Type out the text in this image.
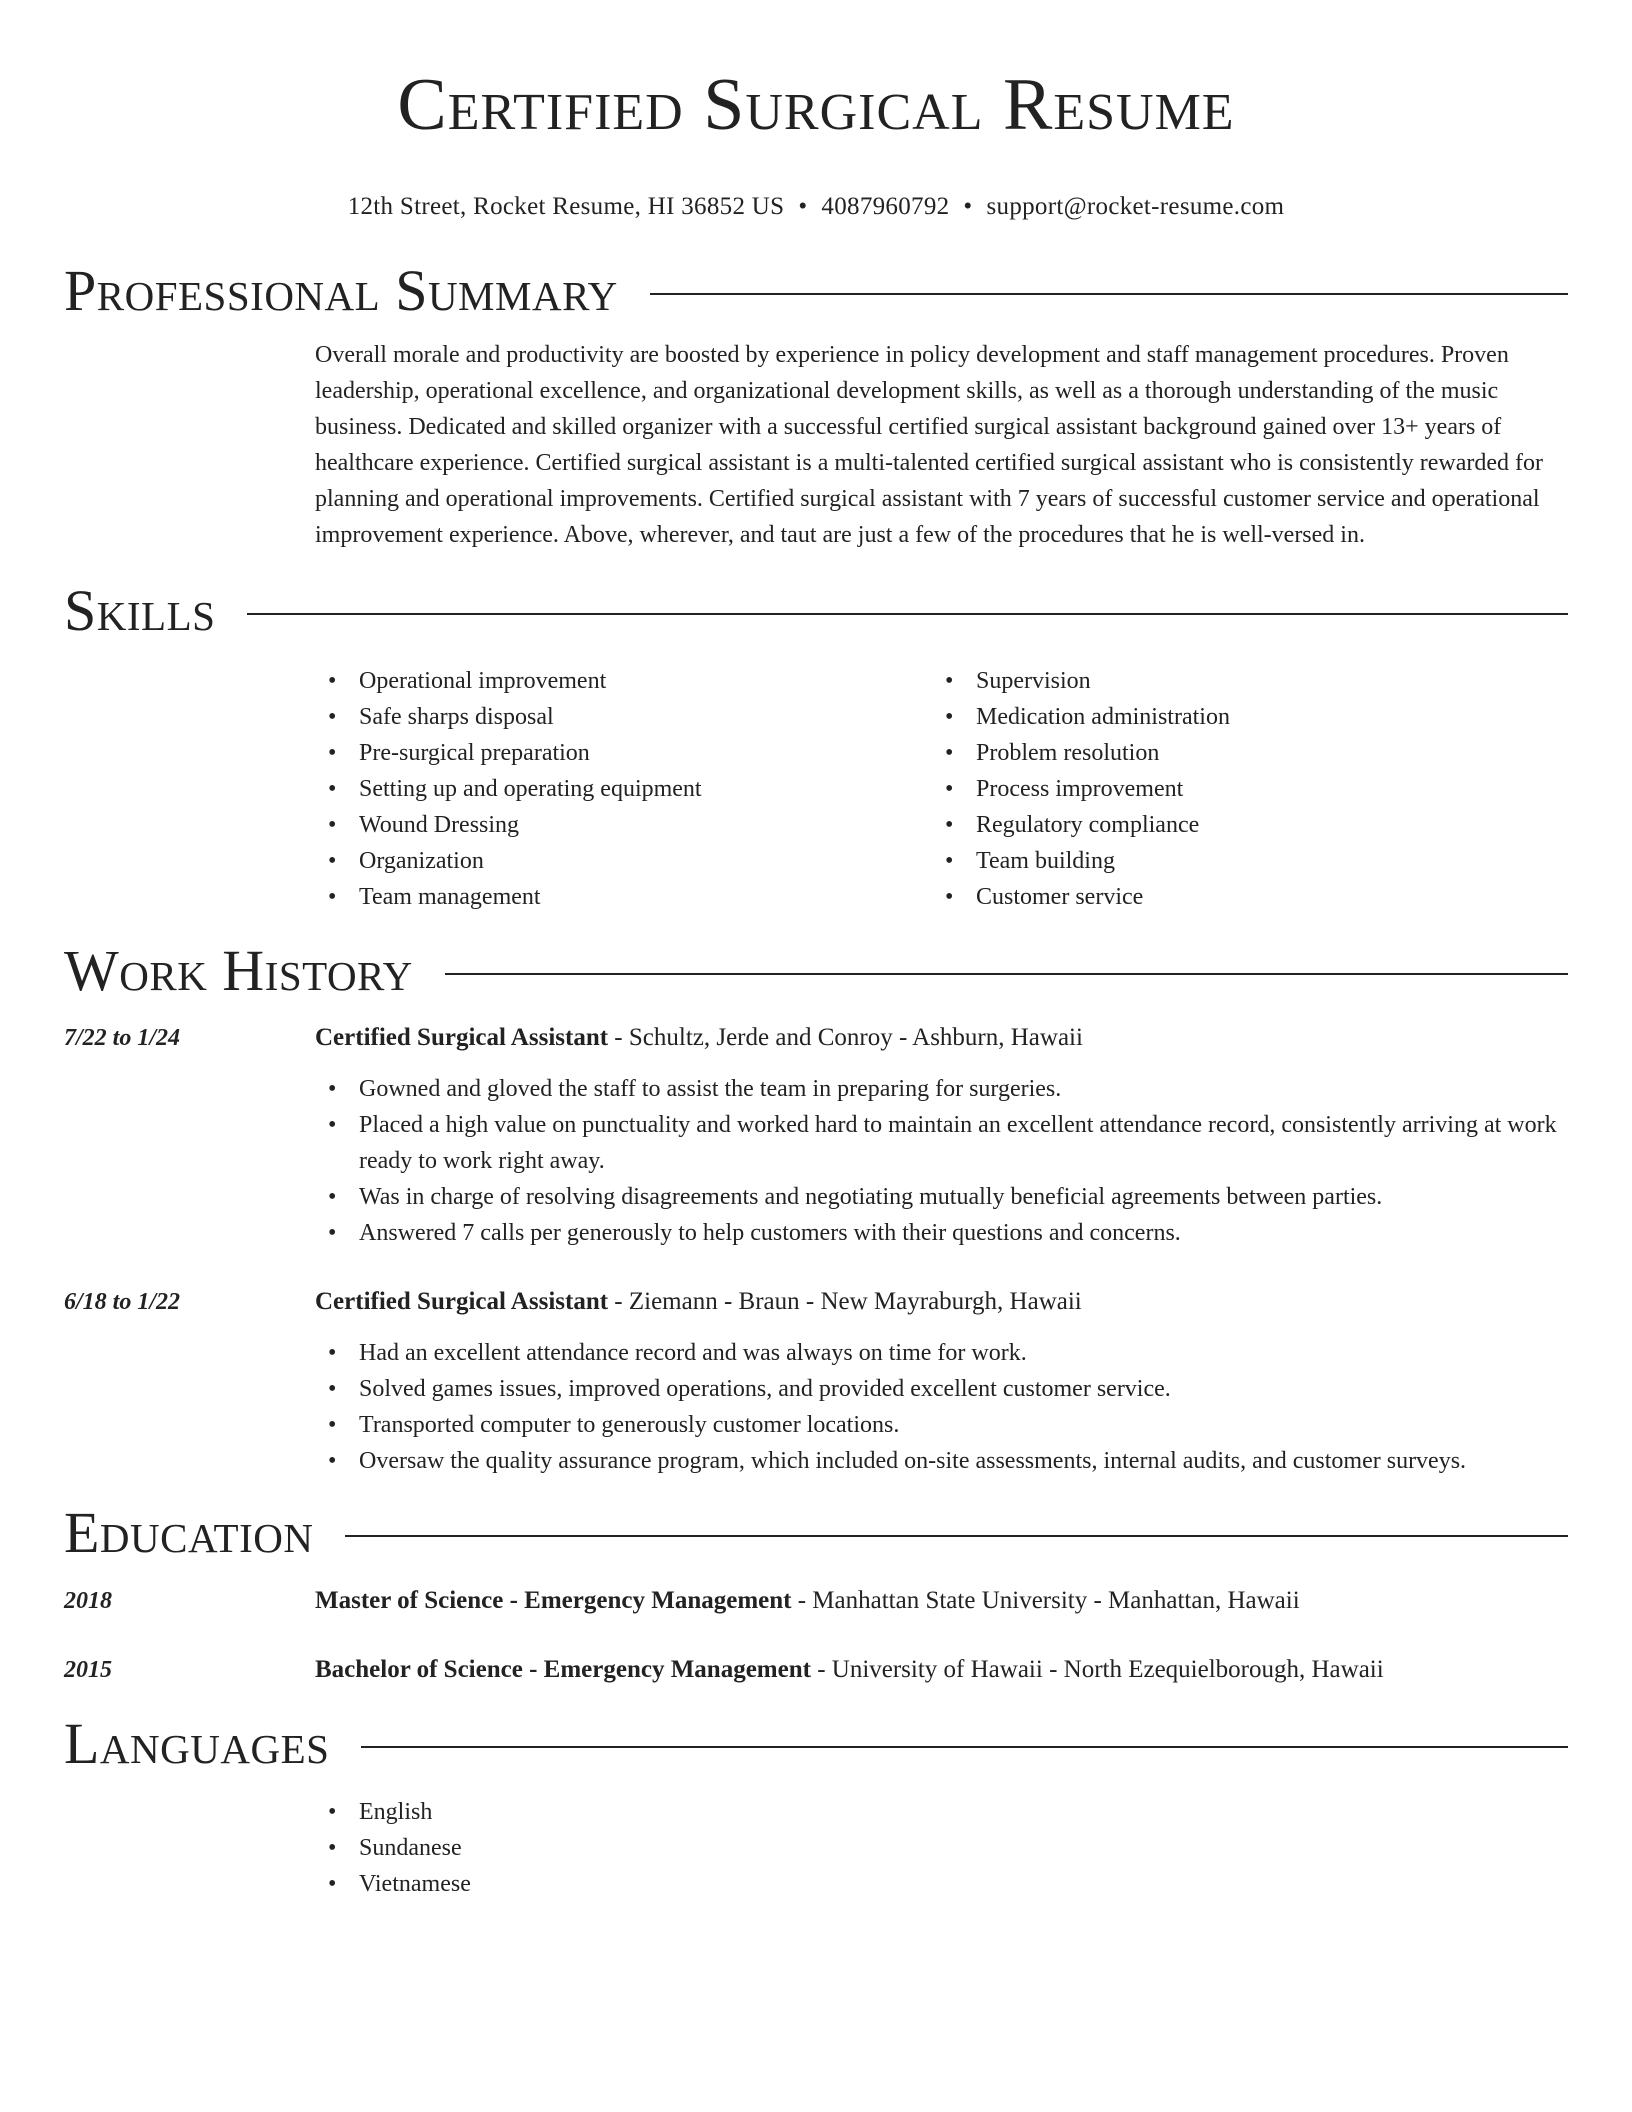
Certified Surgical Resume
12th Street, Rocket Resume, HI 36852 US • 4087960792 • support@rocket-resume.com
Professional Summary

Overall morale and productivity are boosted by experience in policy development and staff management procedures. Proven leadership, operational excellence, and organizational development skills, as well as a thorough understanding of the music business. Dedicated and skilled organizer with a successful certified surgical assistant background gained over 13+ years of healthcare experience. Certified surgical assistant is a multi-talented certified surgical assistant who is consistently rewarded for planning and operational improvements. Certified surgical assistant with 7 years of successful customer service and operational improvement experience. Above, wherever, and taut are just a few of the procedures that he is well-versed in.

Skills
• Operational improvement
• Safe sharps disposal
• Pre-surgical preparation
• Setting up and operating equipment
• Wound Dressing
• Organization
• Team management
• Supervision
• Medication administration
• Problem resolution
• Process improvement
• Regulatory compliance
• Team building
• Customer service
Work History
7/22 to 1/24	Certified Surgical Assistant - Schultz, Jerde and Conroy - Ashburn, Hawaii
• Gowned and gloved the staff to assist the team in preparing for surgeries.
• Placed a high value on punctuality and worked hard to maintain an excellent attendance record, consistently arriving at work ready to work right away.
• Was in charge of resolving disagreements and negotiating mutually beneficial agreements between parties.
• Answered 7 calls per generously to help customers with their questions and concerns.
6/18 to 1/22	Certified Surgical Assistant - Ziemann - Braun - New Mayraburgh, Hawaii
• Had an excellent attendance record and was always on time for work.
• Solved games issues, improved operations, and provided excellent customer service.
• Transported computer to generously customer locations.
• Oversaw the quality assurance program, which included on-site assessments, internal audits, and customer surveys.
Education
2018	Master of Science - Emergency Management - Manhattan State University - Manhattan, Hawaii
2015	Bachelor of Science - Emergency Management - University of Hawaii - North Ezequielborough, Hawaii
Languages
• English
• Sundanese
• Vietnamese
